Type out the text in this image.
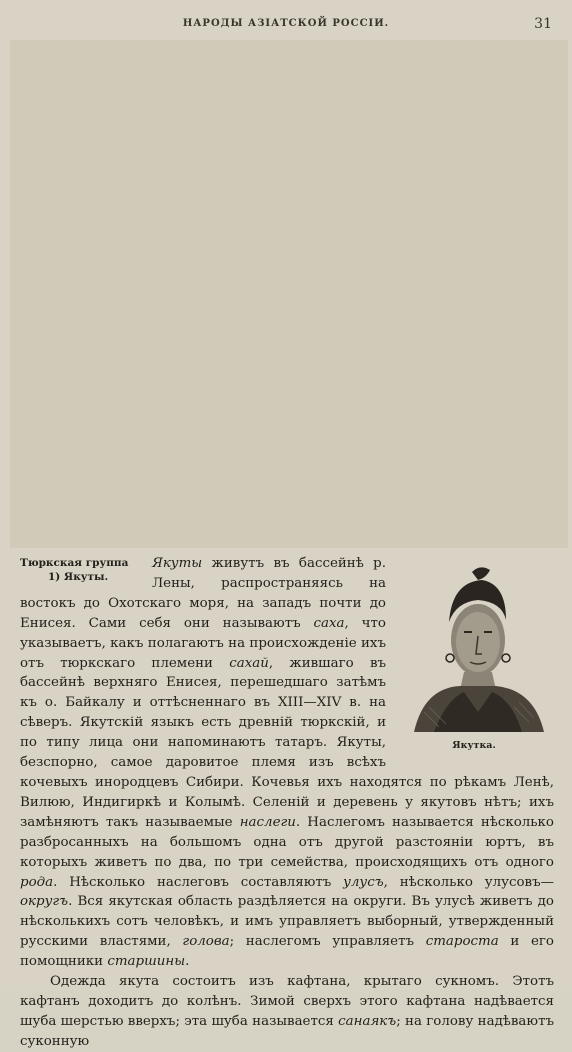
НАРОДЫ АЗІАТСКОЙ РОССІИ.	31
Тюркская группа
1) Якуты.
Якутка.

Якуты живутъ въ бассейнѣ р. Лены, распространяясь на востокъ до Охотскаго моря, на западъ почти до Енисея. Сами себя они называютъ саха, что указываетъ, какъ полагаютъ на происхожденіе ихъ отъ тюркскаго племени сахай, жившаго въ бассейнѣ верхняго Енисея, перешедшаго затѣмъ къ о. Байкалу и оттѣсненнаго въ XIII—XIV в. на сѣверъ. Якутскій языкъ есть древній тюркскій, и по типу лица они напоминаютъ татаръ. Якуты, безспорно, самое даровитое племя изъ всѣхъ кочевыхъ инородцевъ Сибири. Кочевья ихъ находятся по рѣкамъ Ленѣ, Вилюю, Индигиркѣ и Колымѣ. Селеній и деревень у якутовъ нѣтъ; ихъ замѣняютъ такъ называемые наслеги. Наслегомъ называется нѣсколько разбросанныхъ на большомъ одна отъ другой разстояніи юртъ, въ которыхъ живетъ по два, по три семейства, происходящихъ отъ одного рода. Нѣсколько наслеговъ составляютъ улусъ, нѣсколько улусовъ—округъ. Вся якутская область раздѣляется на округи. Въ улусѣ живетъ до нѣсколькихъ сотъ человѣкъ, и имъ управляетъ выборный, утвержденный русскими властями, голова; наслегомъ управляетъ староста и его помощники старшины.

Одежда якута состоитъ изъ кафтана, крытаго сукномъ. Этотъ кафтанъ доходитъ до колѣнъ. Зимой сверхъ этого кафтана надѣвается шуба шерстью вверхъ; эта шуба называется санаякъ; на голову надѣваютъ суконную
